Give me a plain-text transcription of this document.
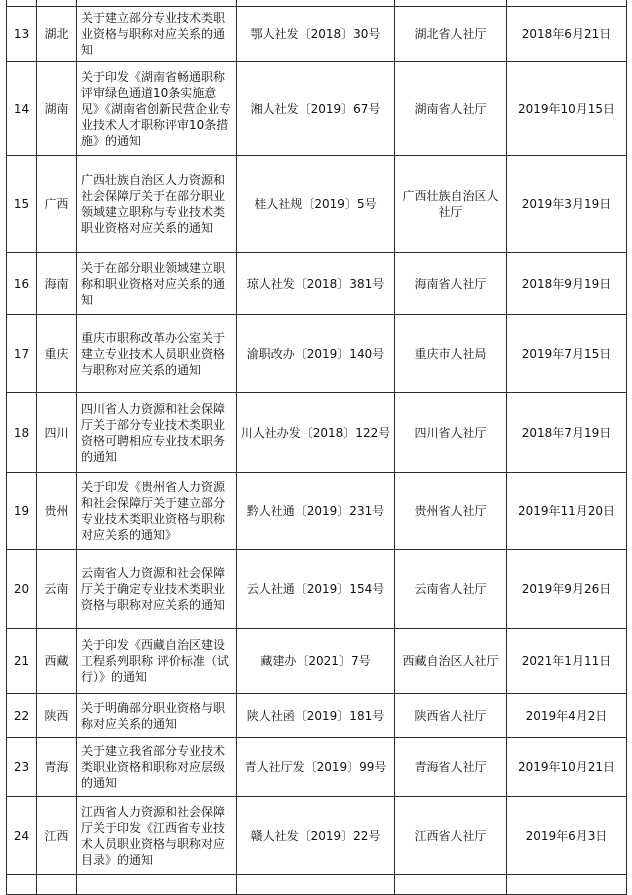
13	湖北	关于建立部分专业技术类职业资格与职称对应关系的通知	鄂人社发〔2018〕30号	湖北省人社厅	2018年6月21日
14	湖南	关于印发《湖南省畅通职称评审绿色通道10条实施意见》《湖南省创新民营企业专业技术人才职称评审10条措施》的通知	湘人社发〔2019〕67号	湖南省人社厅	2019年10月15日
15	广西	广西壮族自治区人力资源和社会保障厅关于在部分职业领域建立职称与专业技术类职业资格对应关系的通知	桂人社规〔2019〕5号	广西壮族自治区人社厅	2019年3月19日
16	海南	关于在部分职业领域建立职称和职业资格对应关系的通知	琼人社发〔2018〕381号	海南省人社厅	2018年9月19日
17	重庆	重庆市职称改革办公室关于建立专业技术人员职业资格与职称对应关系的通知	渝职改办〔2019〕140号	重庆市人社局	2019年7月15日
18	四川	四川省人力资源和社会保障厅关于部分专业技术类职业资格可聘相应专业技术职务的通知	川人社办发〔2018〕122号	四川省人社厅	2018年7月19日
19	贵州	关于印发《贵州省人力资源和社会保障厅关于建立部分专业技术类职业资格与职称对应关系的通知》	黔人社通〔2019〕231号	贵州省人社厅	2019年11月20日
20	云南	云南省人力资源和社会保障厅关于确定专业技术类职业资格与职称对应关系的通知	云人社通〔2019〕154号	云南省人社厅	2019年9月26日
21	西藏	关于印发《西藏自治区建设工程系列职称 评价标准（试行）》的通知	藏建办〔2021〕7号	西藏自治区人社厅	2021年1月11日
22	陕西	关于明确部分职业资格与职称对应关系的通知	陕人社函〔2019〕181号	陕西省人社厅	2019年4月2日
23	青海	关于建立我省部分专业技术类职业资格和职称对应层级的通知	青人社厅发〔2019〕99号	青海省人社厅	2019年10月21日
24	江西	江西省人力资源和社会保障厅关于印发《江西省专业技术人员职业资格与职称对应目录》的通知	赣人社发〔2019〕22号	江西省人社厅	2019年6月3日
